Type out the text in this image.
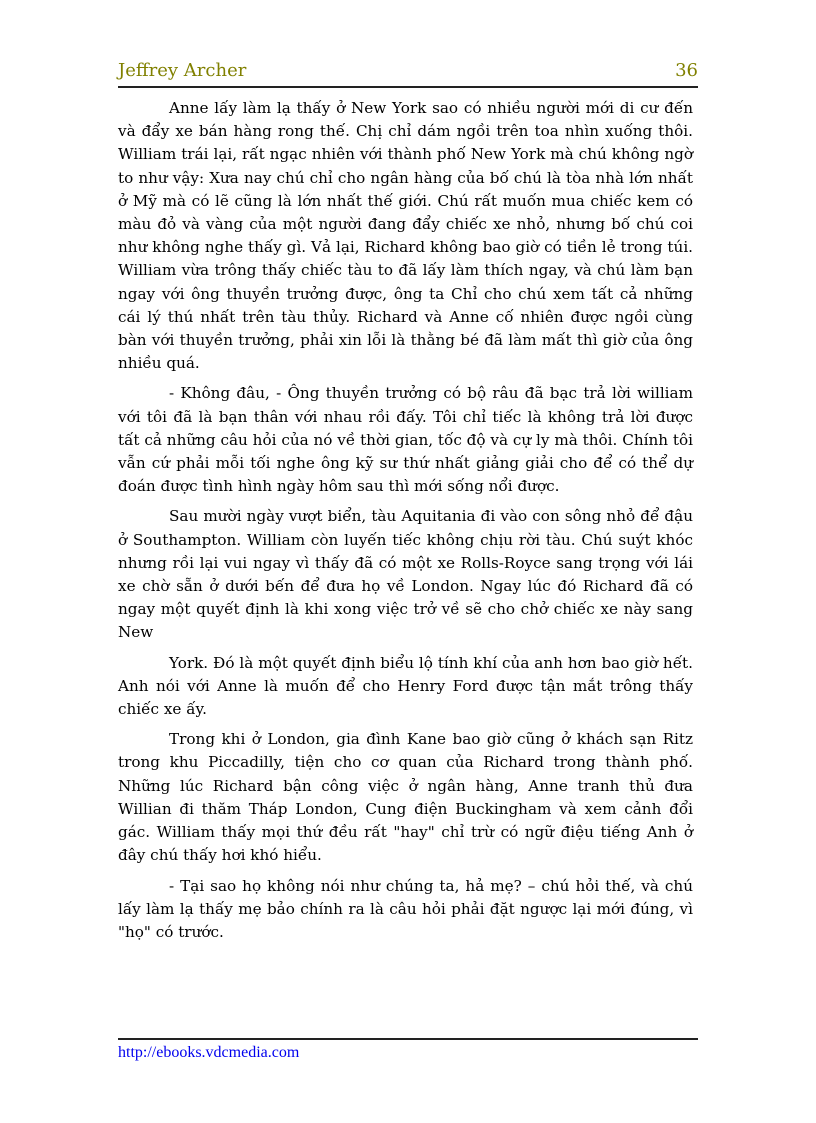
Jeffrey Archer	36

Anne lấy làm lạ thấy ở New York sao có nhiều người mới di cư đến và đẩy xe bán hàng rong thế. Chị chỉ dám ngồi trên toa nhìn xuống thôi. William trái lại, rất ngạc nhiên với thành phố New York mà chú không ngờ to như vậy: Xưa nay chú chỉ cho ngân hàng của bố chú là tòa nhà lớn nhất ở Mỹ mà có lẽ cũng là lớn nhất thế giới. Chú rất muốn mua chiếc kem có màu đỏ và vàng của một người đang đẩy chiếc xe nhỏ, nhưng bố chú coi như không nghe thấy gì. Vả lại, Richard không bao giờ có tiền lẻ trong túi. William vừa trông thấy chiếc tàu to đã lấy làm thích ngay, và chú làm bạn ngay với ông thuyền trưởng được, ông ta Chỉ cho chú xem tất cả những cái lý thú nhất trên tàu thủy. Richard và Anne cố nhiên được ngồi cùng bàn với thuyền trưởng, phải xin lỗi là thằng bé đã làm mất thì giờ của ông nhiều quá.

- Không đâu, - Ông thuyền trưởng có bộ râu đã bạc trả lời william với tôi đã là bạn thân với nhau rồi đấy. Tôi chỉ tiếc là không trả lời được tất cả những câu hỏi của nó về thời gian, tốc độ và cự ly mà thôi. Chính tôi vẫn cứ phải mỗi tối nghe ông kỹ sư thứ nhất giảng giải cho để có thể dự đoán được tình hình ngày hôm sau thì mới sống nổi được.

Sau mười ngày vượt biển, tàu Aquitania đi vào con sông nhỏ để đậu ở Southampton. William còn luyến tiếc không chịu rời tàu. Chú suýt khóc nhưng rồi lại vui ngay vì thấy đã có một xe Rolls-Royce sang trọng với lái xe chờ sẵn ở dưới bến để đưa họ về London. Ngay lúc đó Richard đã có ngay một quyết định là khi xong việc trở về sẽ cho chở chiếc xe này sang New

York. Đó là một quyết định biểu lộ tính khí của anh hơn bao giờ hết. Anh nói với Anne là muốn để cho Henry Ford được tận mắt trông thấy chiếc xe ấy.

Trong khi ở London, gia đình Kane bao giờ cũng ở khách sạn Ritz trong khu Piccadilly, tiện cho cơ quan của Richard trong thành phố. Những lúc Richard bận công việc ở ngân hàng, Anne tranh thủ đưa Willian đi thăm Tháp London, Cung điện Buckingham và xem cảnh đổi gác. William thấy mọi thứ đều rất "hay" chỉ trừ có ngữ điệu tiếng Anh ở đây chú thấy hơi khó hiểu.

- Tại sao họ không nói như chúng ta, hả mẹ? – chú hỏi thế, và chú lấy làm lạ thấy mẹ bảo chính ra là câu hỏi phải đặt ngược lại mới đúng, vì "họ" có trước.

http://ebooks.vdcmedia.com
